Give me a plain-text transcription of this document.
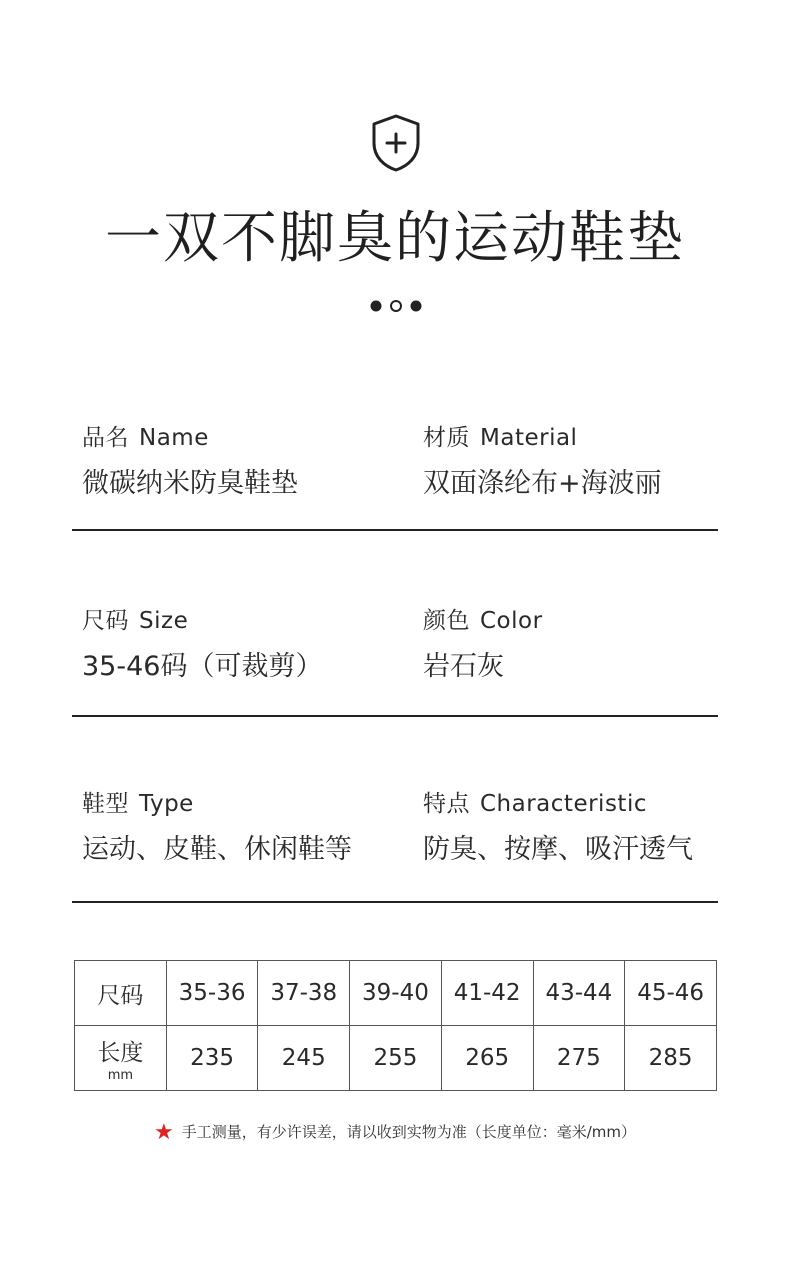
一双不脚臭的运动鞋垫
品名 Name
微碳纳米防臭鞋垫
材质 Material
双面涤纶布+海波丽
尺码 Size
35-46码（可裁剪）
颜色 Color
岩石灰
鞋型 Type
运动、皮鞋、休闲鞋等
特点 Characteristic
防臭、按摩、吸汗透气
尺码	35-36	37-38	39-40	41-42	43-44	45-46
长度
mm	235	245	255	265	275	285
★ 手工测量，有少许误差，请以收到实物为准（长度单位：毫米/mm）
